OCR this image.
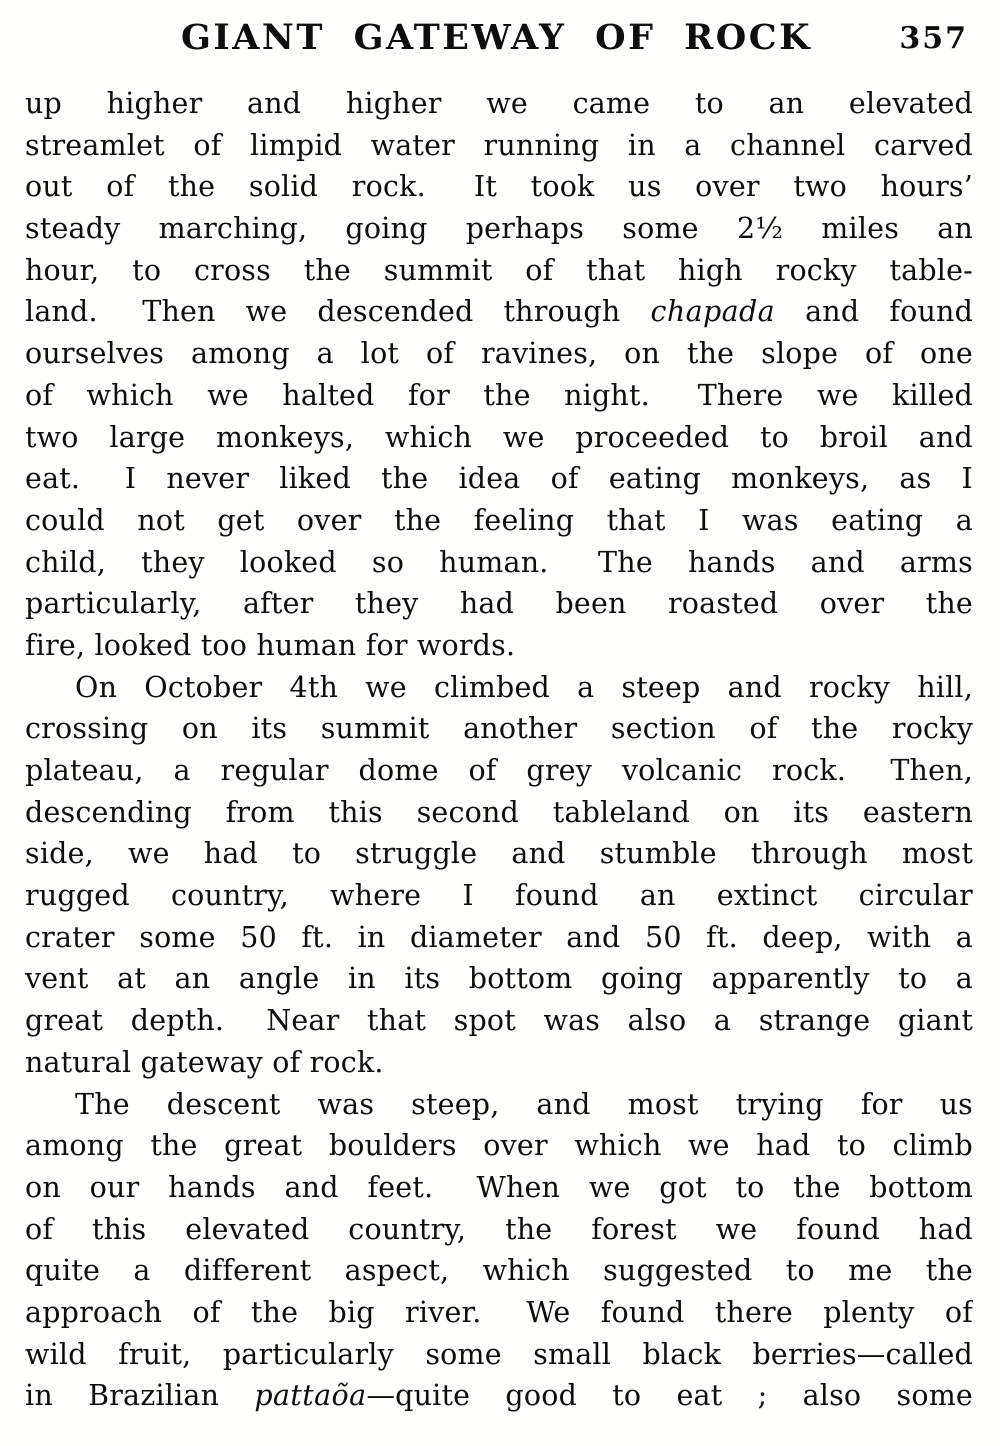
GIANT GATEWAY OF ROCK	357
up higher and higher we came to an elevated
streamlet of limpid water running in a channel carved
out of the solid rock.  It took us over two hours’
steady marching, going perhaps some 2½ miles an
hour, to cross the summit of that high rocky table-
land.  Then we descended through chapada and found
ourselves among a lot of ravines, on the slope of one
of which we halted for the night.  There we killed
two large monkeys, which we proceeded to broil and
eat.  I never liked the idea of eating monkeys, as I
could not get over the feeling that I was eating a
child, they looked so human.  The hands and arms
particularly, after they had been roasted over the
fire, looked too human for words.
On October 4th we climbed a steep and rocky hill,
crossing on its summit another section of the rocky
plateau, a regular dome of grey volcanic rock.  Then,
descending from this second tableland on its eastern
side, we had to struggle and stumble through most
rugged country, where I found an extinct circular
crater some 50 ft. in diameter and 50 ft. deep, with a
vent at an angle in its bottom going apparently to a
great depth.  Near that spot was also a strange giant
natural gateway of rock.
The descent was steep, and most trying for us
among the great boulders over which we had to climb
on our hands and feet.  When we got to the bottom
of this elevated country, the forest we found had
quite a different aspect, which suggested to me the
approach of the big river.  We found there plenty of
wild fruit, particularly some small black berries—called
in Brazilian pattaõa—quite good to eat ; also some
